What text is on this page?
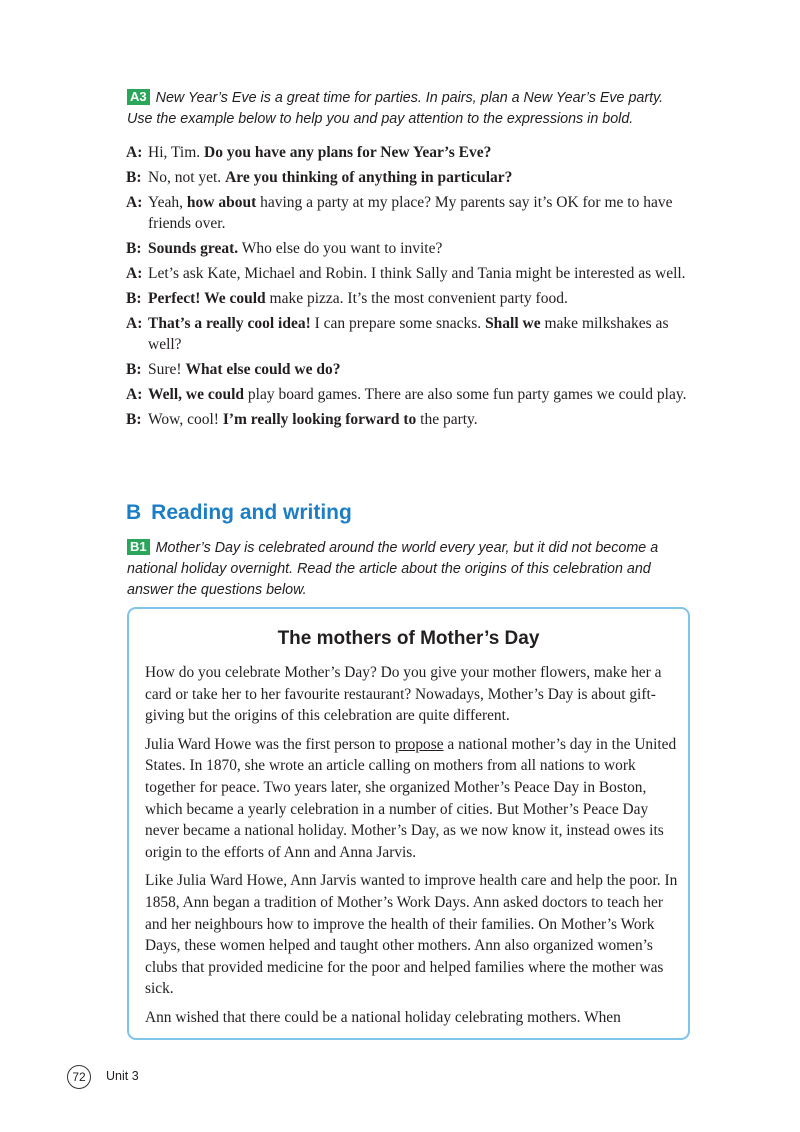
A3 New Year’s Eve is a great time for parties. In pairs, plan a New Year’s Eve party. Use the example below to help you and pay attention to the expressions in bold.
A: Hi, Tim. Do you have any plans for New Year’s Eve?
B: No, not yet. Are you thinking of anything in particular?
A: Yeah, how about having a party at my place? My parents say it’s OK for me to have friends over.
B: Sounds great. Who else do you want to invite?
A: Let’s ask Kate, Michael and Robin. I think Sally and Tania might be interested as well.
B: Perfect! We could make pizza. It’s the most convenient party food.
A: That’s a really cool idea! I can prepare some snacks. Shall we make milkshakes as well?
B: Sure! What else could we do?
A: Well, we could play board games. There are also some fun party games we could play.
B: Wow, cool! I’m really looking forward to the party.
B Reading and writing
B1 Mother’s Day is celebrated around the world every year, but it did not become a national holiday overnight. Read the article about the origins of this celebration and answer the questions below.
The mothers of Mother’s Day

How do you celebrate Mother’s Day? Do you give your mother flowers, make her a card or take her to her favourite restaurant? Nowadays, Mother’s Day is about gift-giving but the origins of this celebration are quite different.

Julia Ward Howe was the first person to propose a national mother’s day in the United States. In 1870, she wrote an article calling on mothers from all nations to work together for peace. Two years later, she organized Mother’s Peace Day in Boston, which became a yearly celebration in a number of cities. But Mother’s Peace Day never became a national holiday. Mother’s Day, as we now know it, instead owes its origin to the efforts of Ann and Anna Jarvis.

Like Julia Ward Howe, Ann Jarvis wanted to improve health care and help the poor. In 1858, Ann began a tradition of Mother’s Work Days. Ann asked doctors to teach her and her neighbours how to improve the health of their families. On Mother’s Work Days, these women helped and taught other mothers. Ann also organized women’s clubs that provided medicine for the poor and helped families where the mother was sick.

Ann wished that there could be a national holiday celebrating mothers. When

72	Unit 3
